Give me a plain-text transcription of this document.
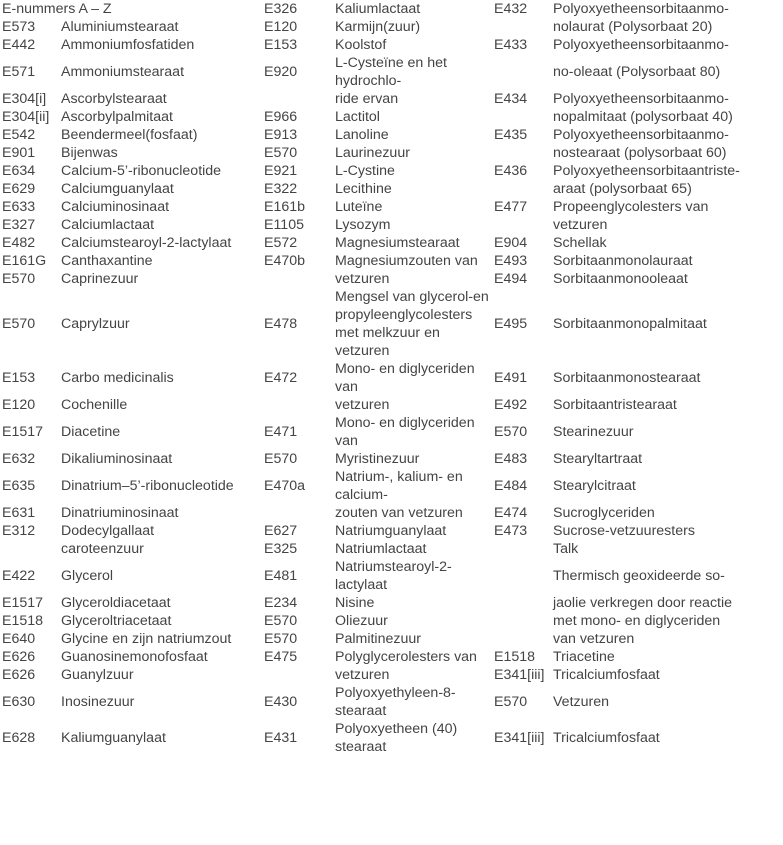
E-nummers A – Z		E326	Kaliumlactaat	E432	Polyoxyetheensorbitaanmo-
E573	Aluminiumstearaat	E120	Karmijn(zuur)		nolaurat (Polysorbaat 20)
E442	Ammoniumfosfatiden	E153	Koolstof	E433	Polyoxyetheensorbitaanmo-
E571	Ammoniumstearaat	E920	L-Cysteïne en het hydrochlo-		no-oleaat (Polysorbaat 80)
E304[i]	Ascorbylstearaat		ride ervan	E434	Polyoxyetheensorbitaanmo-
E304[ii]	Ascorbylpalmitaat	E966	Lactitol		nopalmitaat (polysorbaat 40)
E542	Beendermeel(fosfaat)	E913	Lanoline	E435	Polyoxyetheensorbitaanmo-
E901	Bijenwas	E570	Laurinezuur		nostearaat (polysorbaat 60)
E634	Calcium-5’-ribonucleotide	E921	L-Cystine	E436	Polyoxyetheensorbitaantriste-
E629	Calciumguanylaat	E322	Lecithine		araat (polysorbaat 65)
E633	Calciuminosinaat	E161b	Luteïne	E477	Propeenglycolesters van
E327	Calciumlactaat	E1105	Lysozym		vetzuren
E482	Calciumstearoyl-2-lactylaat	E572	Magnesiumstearaat	E904	Schellak
E161G	Canthaxantine	E470b	Magnesiumzouten van	E493	Sorbitaanmonolauraat
E570	Caprinezuur		vetzuren	E494	Sorbitaanmonooleaat
E570	Caprylzuur	E478	Mengsel van glycerol-en propyleenglycolesters met melkzuur en vetzuren	E495	Sorbitaanmonopalmitaat
E153	Carbo medicinalis	E472	Mono- en diglyceriden van	E491	Sorbitaanmonostearaat
E120	Cochenille		vetzuren	E492	Sorbitaantristearaat
E1517	Diacetine	E471	Mono- en diglyceriden van	E570	Stearinezuur
E632	Dikaliuminosinaat	E570	Myristinezuur	E483	Stearyltartraat
E635	Dinatrium–5’-ribonucleotide	E470a	Natrium-, kalium- en calcium-	E484	Stearylcitraat
E631	Dinatriuminosinaat		zouten van vetzuren	E474	Sucroglyceriden
E312	Dodecylgallaat	E627	Natriumguanylaat	E473	Sucrose-vetzuuresters
	caroteenzuur	E325	Natriumlactaat		Talk
E422	Glycerol	E481	Natriumstearoyl-2-lactylaat		Thermisch geoxideerde so-
E1517	Glyceroldiacetaat	E234	Nisine		jaolie verkregen door reactie
E1518	Glyceroltriacetaat	E570	Oliezuur		met mono- en diglyceriden
E640	Glycine en zijn natriumzout	E570	Palmitinezuur		van vetzuren
E626	Guanosinemonofosfaat	E475	Polyglycerolesters van	E1518	Triacetine
E626	Guanylzuur		vetzuren	E341[iii]	Tricalciumfosfaat
E630	Inosinezuur	E430	Polyoxyethyleen-8-stearaat	E570	Vetzuren
E628	Kaliumguanylaat	E431	Polyoxyetheen (40) stearaat	E341[iii]	Tricalciumfosfaat
